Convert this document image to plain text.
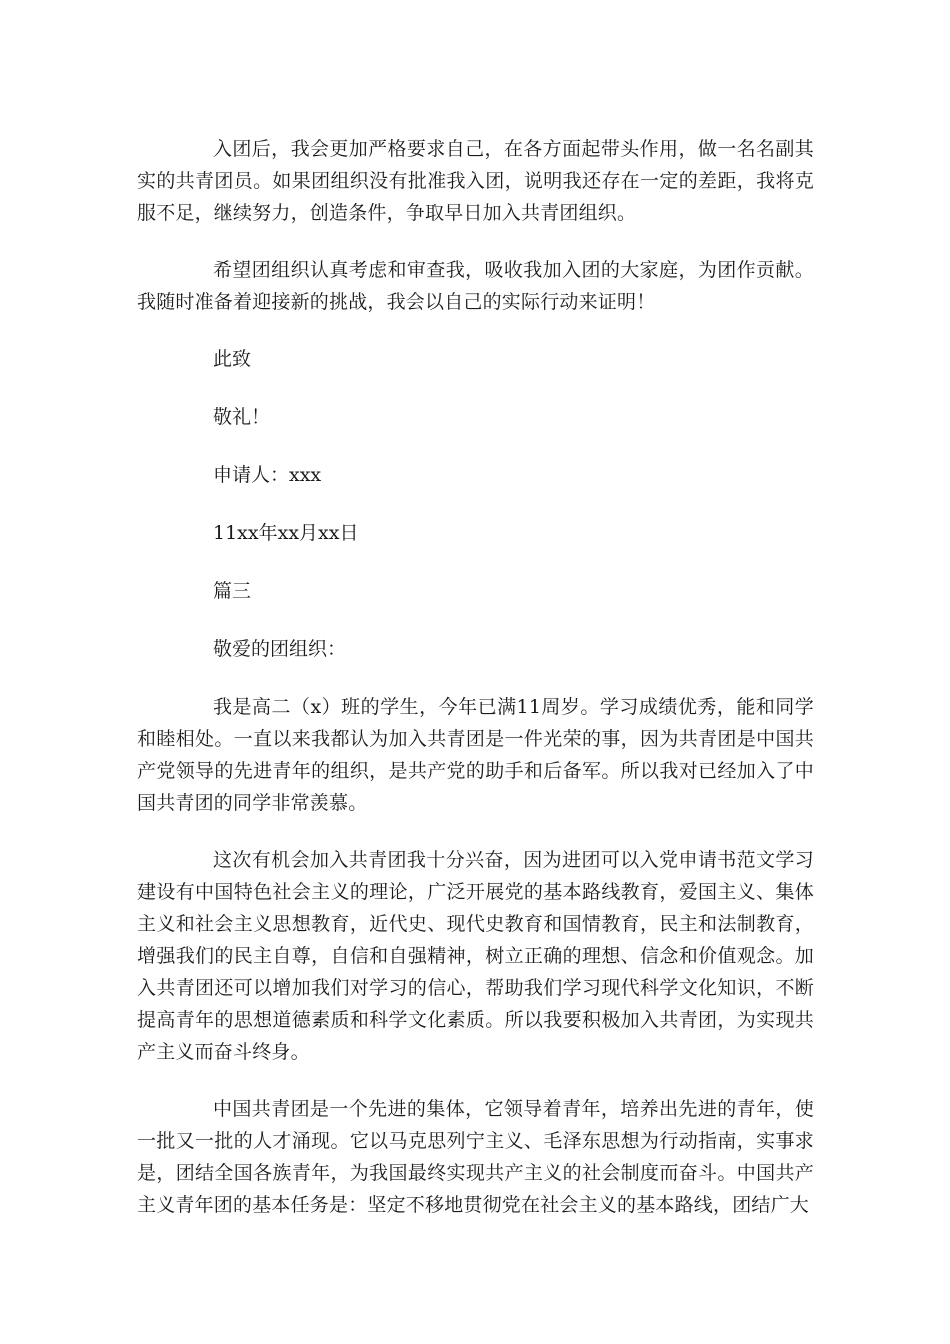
入团后，我会更加严格要求自己，在各方面起带头作用，做一名名副其实的共青团员。如果团组织没有批准我入团，说明我还存在一定的差距，我将克服不足，继续努力，创造条件，争取早日加入共青团组织。

希望团组织认真考虑和审查我，吸收我加入团的大家庭，为团作贡献。我随时准备着迎接新的挑战，我会以自己的实际行动来证明！

此致

敬礼！

申请人：xxx

11xx年xx月xx日

篇三

敬爱的团组织：

我是高二（x）班的学生，今年已满11周岁。学习成绩优秀，能和同学和睦相处。一直以来我都认为加入共青团是一件光荣的事，因为共青团是中国共产党领导的先进青年的组织，是共产党的助手和后备军。所以我对已经加入了中国共青团的同学非常羡慕。

这次有机会加入共青团我十分兴奋，因为进团可以入党申请书范文学习建设有中国特色社会主义的理论，广泛开展党的基本路线教育，爱国主义、集体主义和社会主义思想教育，近代史、现代史教育和国情教育，民主和法制教育，增强我们的民主自尊，自信和自强精神，树立正确的理想、信念和价值观念。加入共青团还可以增加我们对学习的信心，帮助我们学习现代科学文化知识，不断提高青年的思想道德素质和科学文化素质。所以我要积极加入共青团，为实现共产主义而奋斗终身。

中国共青团是一个先进的集体，它领导着青年，培养出先进的青年，使一批又一批的人才涌现。它以马克思列宁主义、毛泽东思想为行动指南，实事求是，团结全国各族青年，为我国最终实现共产主义的社会制度而奋斗。中国共产主义青年团的基本任务是：坚定不移地贯彻党在社会主义的基本路线，团结广大
